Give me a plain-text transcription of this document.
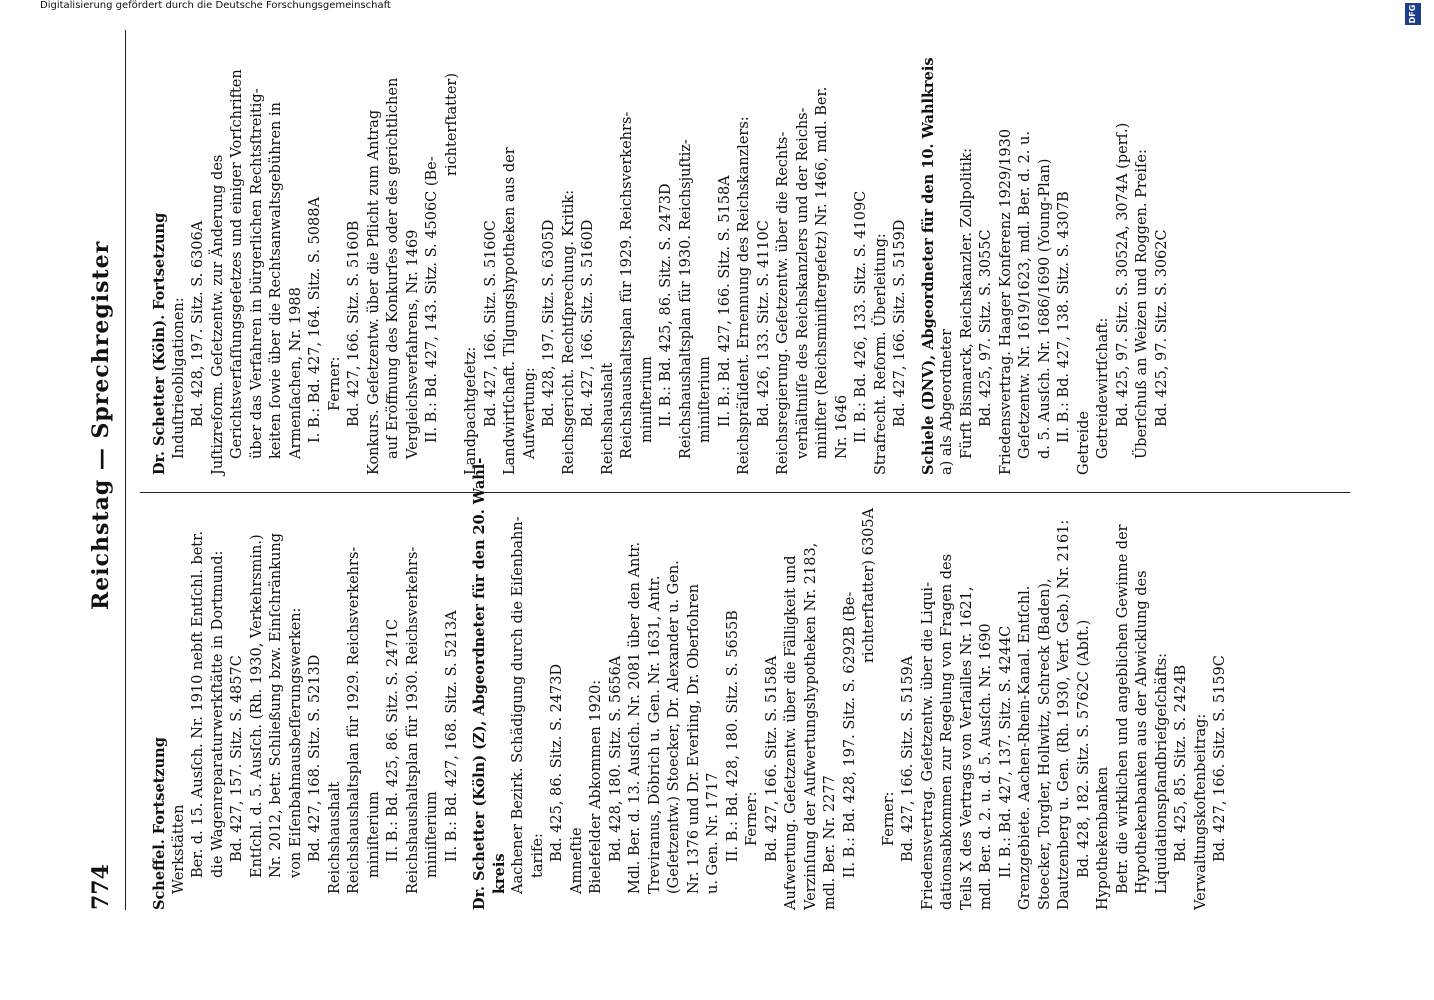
774
Reichstag — Sprechregister
Scheffel. Fortsetzung Werkstätten Ber. d. 15. Ausſch. Nr. 1910 nebſt Entſchl. betr. die Wagenreparaturwerkſtätte in Dortmund: Bd. 427, 157. Sitz. S. 4857C Entſchl. d. 5. Ausſch. (Rh. 1930, Verkehrsmin.) Nr. 2012, betr. Schließung bzw. Einſchränkung von Eiſenbahnausbeſſerungswerken: Bd. 427, 168. Sitz. S. 5213D Reichshaushalt Reichshaushaltsplan für 1929. Reichsverkehrs- miniſterium II. B.: Bd. 425, 86. Sitz. S. 2471C Reichshaushaltsplan für 1930. Reichsverkehrs- miniſterium II. B.: Bd. 427, 168. Sitz. S. 5213A Dr. Schetter (Köln) (Z), Abgeordneter für den 20. Wahl- kreis Aachener Bezirk. Schädigung durch die Eiſenbahn- tarife: Bd. 425, 86. Sitz. S. 2473D Amneſtie Bielefelder Abkommen 1920: Bd. 428, 180. Sitz. S. 5656A Mdl. Ber. d. 13. Ausſch. Nr. 2081 über den Antr. Treviranus, Döbrich u. Gen. Nr. 1631, Antr. (Geſetzentw.) Stoecker, Dr. Alexander u. Gen. Nr. 1376 und Dr. Everling, Dr. Oberfohren u. Gen. Nr. 1717 II. B.: Bd. 428, 180. Sitz. S. 5655B Ferner: Bd. 427, 166. Sitz. S. 5158A Aufwertung. Geſetzentw. über die Fälligkeit und Verzinſung der Aufwertungshypotheken Nr. 2183, mdl. Ber. Nr. 2277 II. B.: Bd. 428, 197. Sitz. S. 6292B (Be-
richterſtatter) 6305A
Ferner: Bd. 427, 166. Sitz. S. 5159A Friedensvertrag. Geſetzentw. über die Liqui- dationsabkommen zur Regelung von Fragen des Teils X des Vertrags von Verſailles Nr. 1621, mdl. Ber. d. 2. u. d. 5. Ausſch. Nr. 1690 II. B.: Bd. 427, 137. Sitz. S. 4244C Grenzgebiete. Aachen-Rhein-Kanal. Entſchl. Stoecker, Torgler, Hollwitz, Schreck (Baden), Dautzenberg u. Gen. (Rh. 1930, Verf. Geb.) Nr. 2161: Bd. 428, 182. Sitz. S. 5762C (Abſt.) Hypothekenbanken Betr. die wirklichen und angeblichen Gewinne der Hypothekenbanken aus der Abwicklung des Liquidationspfandbriefgeſchäfts: Bd. 425, 85. Sitz. S. 2424B Verwaltungskoſtenbeitrag: Bd. 427, 166. Sitz. S. 5159C
Dr. Schetter (Köln). Fortsetzung Induſtrieobligationen: Bd. 428, 197. Sitz. S. 6306A Juſtizreform. Geſetzentw. zur Änderung des Gerichtsverfaſſungsgeſetzes und einiger Vorſchriften über das Verfahren in bürgerlichen Rechtsſtreitig- keiten ſowie über die Rechtsanwaltsgebühren in Armenſachen, Nr. 1988 I. B.: Bd. 427, 164. Sitz. S. 5088A Ferner: Bd. 427, 166. Sitz. S. 5160B Konkurs. Geſetzentw. über die Pflicht zum Antrag auf Eröffnung des Konkurſes oder des gerichtlichen Vergleichsverfahrens, Nr. 1469 II. B.: Bd. 427, 143. Sitz. S. 4506C (Be-
richterſtatter)
Landpachtgeſetz: Bd. 427, 166. Sitz. S. 5160C Landwirtſchaft. Tilgungshypotheken aus der Aufwertung: Bd. 428, 197. Sitz. S. 6305D Reichsgericht. Rechtſprechung. Kritik: Bd. 427, 166. Sitz. S. 5160D Reichshaushalt Reichshaushaltsplan für 1929. Reichsverkehrs- miniſterium II. B.: Bd. 425, 86. Sitz. S. 2473D Reichshaushaltsplan für 1930. Reichsjuſtiz- miniſterium II. B.: Bd. 427, 166. Sitz. S. 5158A Reichspräſident. Ernennung des Reichskanzlers: Bd. 426, 133. Sitz. S. 4110C Reichsregierung. Geſetzentw. über die Rechts- verhältniſſe des Reichskanzlers und der Reichs- miniſter (Reichsminiſtergeſetz) Nr. 1466, mdl. Ber. Nr. 1646 II. B.: Bd. 426, 133. Sitz. S. 4109C Strafrecht. Reform. Überleitung: Bd. 427, 166. Sitz. S. 5159D Schiele (DNV), Abgeordneter für den 10. Wahlkreis a) als Abgeordneter Fürſt Bismarck, Reichskanzler. Zollpolitik: Bd. 425, 97. Sitz. S. 3055C Friedensvertrag. Haager Konferenz 1929/1930 Geſetzentw. Nr. 1619/1623, mdl. Ber. d. 2. u. d. 5. Ausſch. Nr. 1686/1690 (Young-Plan) II. B.: Bd. 427, 138. Sitz. S. 4307B Getreide Getreidewirtſchaft: Bd. 425, 97. Sitz. S. 3052A, 3074A (perſ.) Überſchuß an Weizen und Roggen. Preiſe: Bd. 425, 97. Sitz. S. 3062C
Digitalisierung gefördert durch die Deutsche Forschungsgemeinschaft	DFG
